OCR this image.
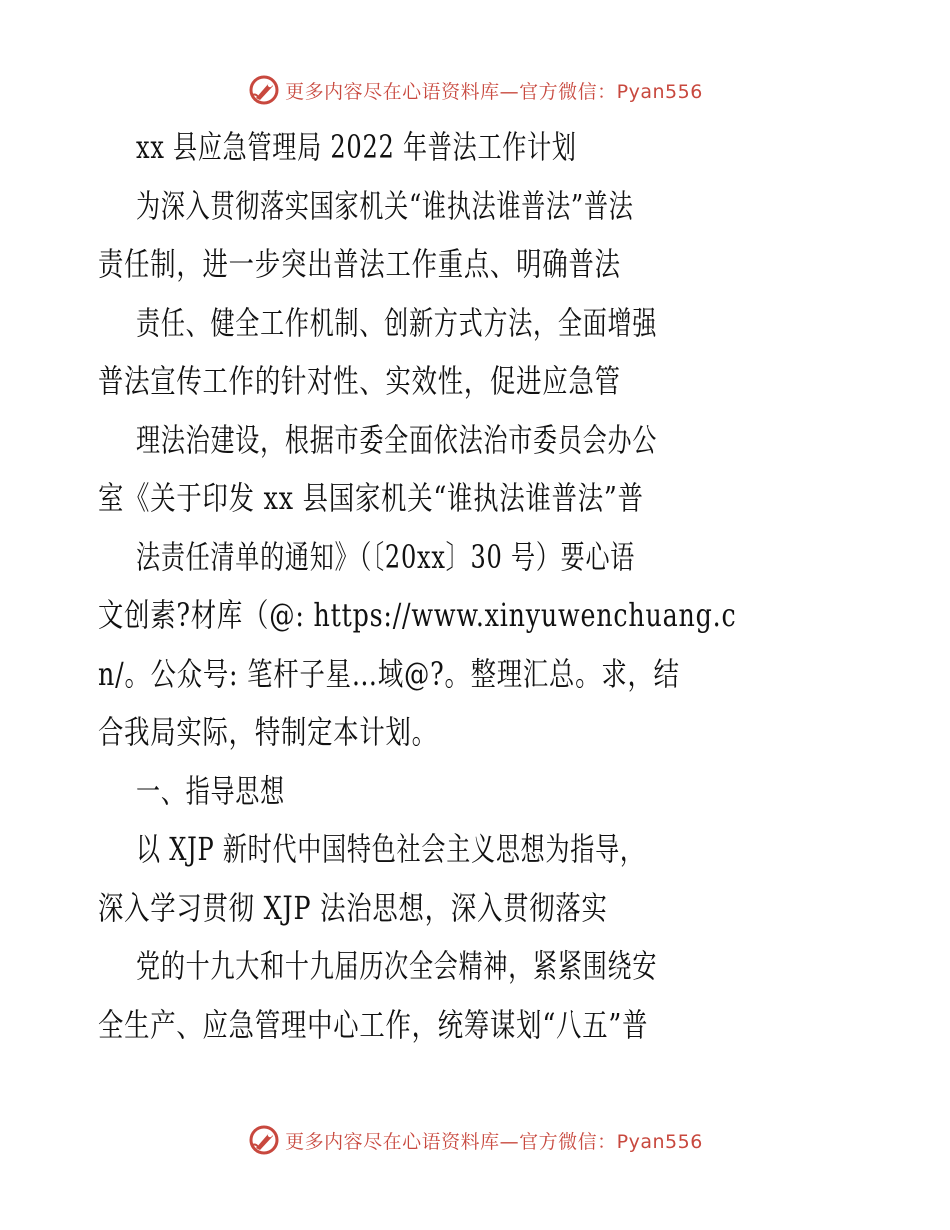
更多内容尽在心语资料库—官方微信：Pyan556
xx 县应急管理局 2022 年普法工作计划
为深入贯彻落实国家机关“谁执法谁普法”普法
责任制，进一步突出普法工作重点、明确普法
责任、健全工作机制、创新方式方法，全面增强
普法宣传工作的针对性、实效性，促进应急管
理法治建设，根据市委全面依法治市委员会办公
室《关于印发 xx 县国家机关“谁执法谁普法”普
法责任清单的通知》（〔20xx〕30 号）要心语
文创素?材库（@: https://www.xinyuwenchuang.c
n/。公众号: 笔杆子星…域@?。整理汇总。求，结
合我局实际，特制定本计划。
一、指导思想
以 XJP 新时代中国特色社会主义思想为指导，
深入学习贯彻 XJP 法治思想，深入贯彻落实
党的十九大和十九届历次全会精神，紧紧围绕安
全生产、应急管理中心工作，统筹谋划“八五”普
更多内容尽在心语资料库—官方微信：Pyan556
